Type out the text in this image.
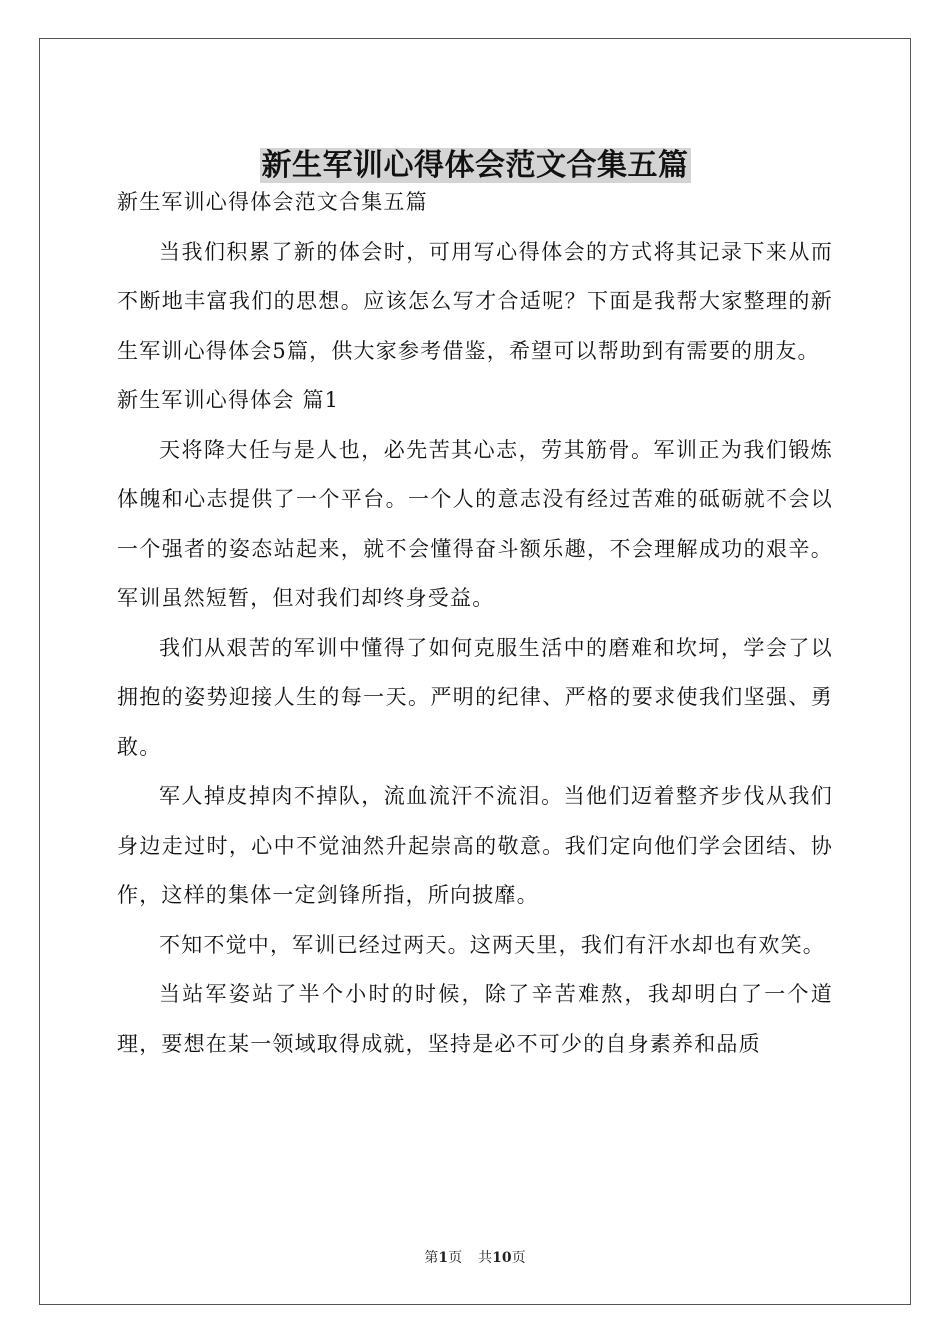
新生军训心得体会范文合集五篇

新生军训心得体会范文合集五篇

当我们积累了新的体会时，可用写心得体会的方式将其记录下来从而不断地丰富我们的思想。应该怎么写才合适呢？下面是我帮大家整理的新生军训心得体会5篇，供大家参考借鉴，希望可以帮助到有需要的朋友。

新生军训心得体会 篇1

天将降大任与是人也，必先苦其心志，劳其筋骨。军训正为我们锻炼体魄和心志提供了一个平台。一个人的意志没有经过苦难的砥砺就不会以一个强者的姿态站起来，就不会懂得奋斗额乐趣，不会理解成功的艰辛。军训虽然短暂，但对我们却终身受益。

我们从艰苦的军训中懂得了如何克服生活中的磨难和坎坷，学会了以拥抱的姿势迎接人生的每一天。严明的纪律、严格的要求使我们坚强、勇敢。

军人掉皮掉肉不掉队，流血流汗不流泪。当他们迈着整齐步伐从我们身边走过时，心中不觉油然升起崇高的敬意。我们定向他们学会团结、协作，这样的集体一定剑锋所指，所向披靡。

不知不觉中，军训已经过两天。这两天里，我们有汗水却也有欢笑。

当站军姿站了半个小时的时候，除了辛苦难熬，我却明白了一个道理，要想在某一领域取得成就，坚持是必不可少的自身素养和品质

第1页 共10页
